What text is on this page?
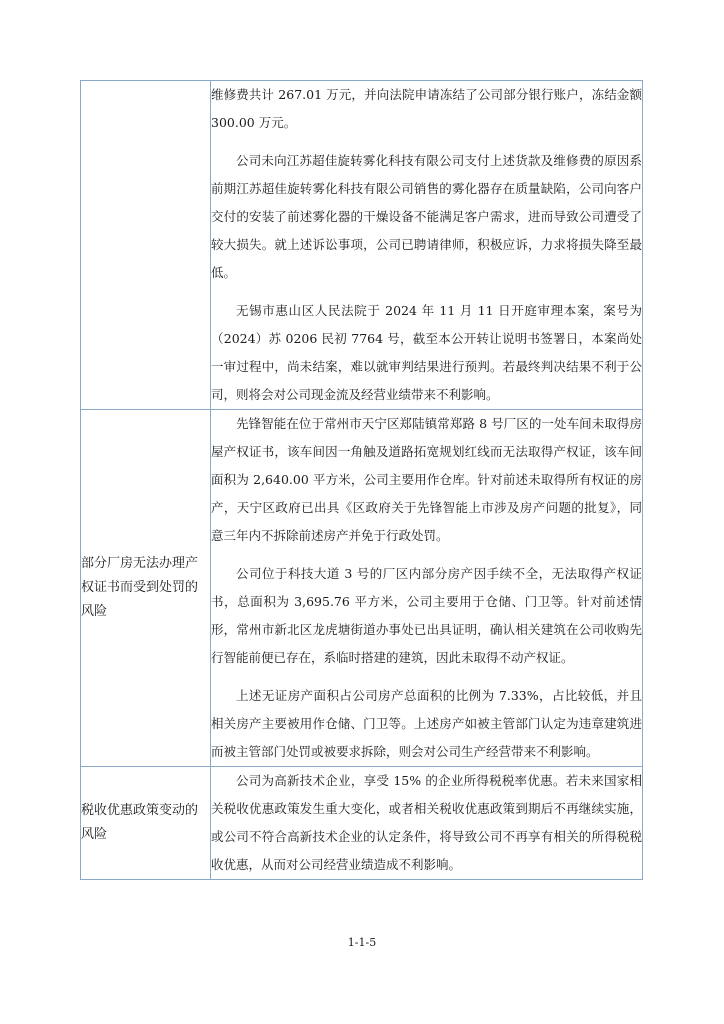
	维修费共计 267.01 万元，并向法院申请冻结了公司部分银行账户，冻结金额 300.00 万元。

公司未向江苏超佳旋转雾化科技有限公司支付上述货款及维修费的原因系前期江苏超佳旋转雾化科技有限公司销售的雾化器存在质量缺陷，公司向客户交付的安装了前述雾化器的干燥设备不能满足客户需求，进而导致公司遭受了较大损失。就上述诉讼事项，公司已聘请律师，积极应诉，力求将损失降至最低。

无锡市惠山区人民法院于 2024 年 11 月 11 日开庭审理本案，案号为（2024）苏 0206 民初 7764 号，截至本公开转让说明书签署日，本案尚处一审过程中，尚未结案，难以就审判结果进行预判。若最终判决结果不利于公司，则将会对公司现金流及经营业绩带来不利影响。

部分厂房无法办理产权证书而受到处罚的风险	先锋智能在位于常州市天宁区郑陆镇常郑路 8 号厂区的一处车间未取得房屋产权证书，该车间因一角触及道路拓宽规划红线而无法取得产权证，该车间面积为 2,640.00 平方米，公司主要用作仓库。针对前述未取得所有权证的房产，天宁区政府已出具《区政府关于先锋智能上市涉及房产问题的批复》，同意三年内不拆除前述房产并免于行政处罚。

公司位于科技大道 3 号的厂区内部分房产因手续不全，无法取得产权证书，总面积为 3,695.76 平方米，公司主要用于仓储、门卫等。针对前述情形，常州市新北区龙虎塘街道办事处已出具证明，确认相关建筑在公司收购先行智能前便已存在，系临时搭建的建筑，因此未取得不动产权证。

上述无证房产面积占公司房产总面积的比例为 7.33%，占比较低，并且相关房产主要被用作仓储、门卫等。上述房产如被主管部门认定为违章建筑进而被主管部门处罚或被要求拆除，则会对公司生产经营带来不利影响。

税收优惠政策变动的风险	公司为高新技术企业，享受 15% 的企业所得税税率优惠。若未来国家相关税收优惠政策发生重大变化，或者相关税收优惠政策到期后不再继续实施，或公司不符合高新技术企业的认定条件，将导致公司不再享有相关的所得税税收优惠，从而对公司经营业绩造成不利影响。

1-1-5
